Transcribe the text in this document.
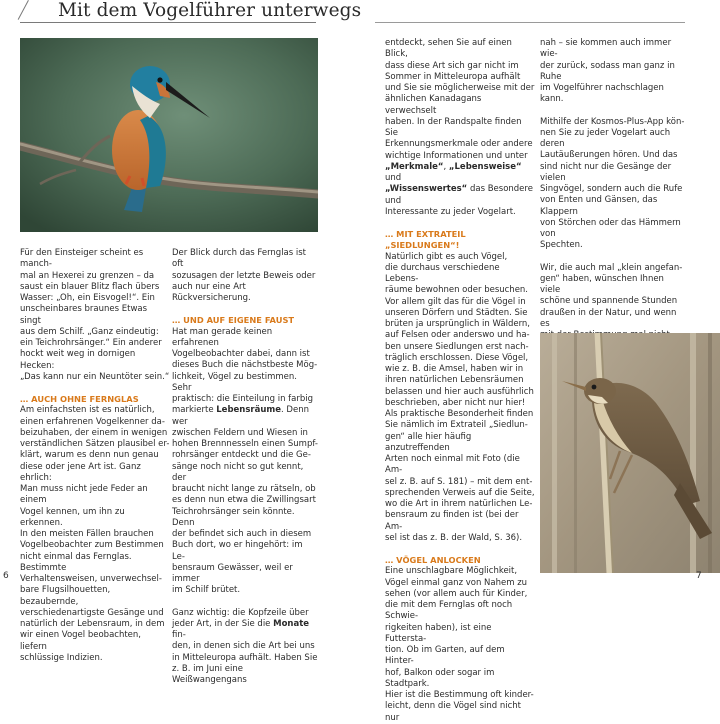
Mit dem Vogelführer unterwegs

Für den Einsteiger scheint es manch-

mal an Hexerei zu grenzen – da

saust ein blauer Blitz flach übers

Wasser: „Oh, ein Eisvogel!“. Ein

unscheinbares braunes Etwas singt

aus dem Schilf. „Ganz eindeutig:

ein Teichrohrsänger.“ Ein anderer

hockt weit weg in dornigen Hecken:

„Das kann nur ein Neuntöter sein.“

… AUCH OHNE FERNGLAS

Am einfachsten ist es natürlich,

einen erfahrenen Vogelkenner da-

beizuhaben, der einem in wenigen

verständlichen Sätzen plausibel er-

klärt, warum es denn nun genau

diese oder jene Art ist. Ganz ehrlich:

Man muss nicht jede Feder an einem

Vogel kennen, um ihn zu erkennen.

In den meisten Fällen brauchen

Vogelbeobachter zum Bestimmen

nicht einmal das Fernglas. Bestimmte

Verhaltensweisen, unverwechsel-

bare Flugsilhouetten, bezaubernde,

verschiedenartigste Gesänge und

natürlich der Lebensraum, in dem

wir einen Vogel beobachten, liefern

schlüssige Indizien.

Der Blick durch das Fernglas ist oft

sozusagen der letzte Beweis oder

auch nur eine Art Rückversicherung.

… UND AUF EIGENE FAUST

Hat man gerade keinen erfahrenen

Vogelbeobachter dabei, dann ist

dieses Buch die nächstbeste Mög-

lichkeit, Vögel zu bestimmen. Sehr

praktisch: die Einteilung in farbig

markierte Lebensräume. Denn wer

zwischen Feldern und Wiesen in

hohen Brennnesseln einen Sumpf-

rohrsänger entdeckt und die Ge-

sänge noch nicht so gut kennt, der

braucht nicht lange zu rätseln, ob

es denn nun etwa die Zwillingsart

Teichrohrsänger sein könnte. Denn

der befindet sich auch in diesem

Buch dort, wo er hingehört: im Le-

bensraum Gewässer, weil er immer

im Schilf brütet.

Ganz wichtig: die Kopfzeile über

jeder Art, in der Sie die Monate fin-

den, in denen sich die Art bei uns

in Mitteleuropa aufhält. Haben Sie

z. B. im Juni eine Weißwangengans

entdeckt, sehen Sie auf einen Blick,

dass diese Art sich gar nicht im

Sommer in Mitteleuropa aufhält

und Sie sie möglicherweise mit der

ähnlichen Kanadagans verwechselt

haben. In der Randspalte finden Sie

Erkennungsmerkmale oder andere

wichtige Informationen und unter

„Merkmale“, „Lebensweise“ und

„Wissenswertes“ das Besondere und

Interessante zu jeder Vogelart.

… MIT EXTRATEIL „SIEDLUNGEN“!

Natürlich gibt es auch Vögel,

die durchaus verschiedene Lebens-

räume bewohnen oder besuchen.

Vor allem gilt das für die Vögel in

unseren Dörfern und Städten. Sie

brüten ja ursprünglich in Wäldern,

auf Felsen oder anderswo und ha-

ben unsere Siedlungen erst nach-

träglich erschlossen. Diese Vögel,

wie z. B. die Amsel, haben wir in

ihren natürlichen Lebensräumen

belassen und hier auch ausführlich

beschrieben, aber nicht nur hier!

Als praktische Besonderheit finden

Sie nämlich im Extrateil „Siedlun-

gen“ alle hier häufig anzutreffenden

Arten noch einmal mit Foto (die Am-

sel z. B. auf S. 181) – mit dem ent-

sprechenden Verweis auf die Seite,

wo die Art in ihrem natürlichen Le-

bensraum zu finden ist (bei der Am-

sel ist das z. B. der Wald, S. 36).

… VÖGEL ANLOCKEN

Eine unschlagbare Möglichkeit,

Vögel einmal ganz von Nahem zu

sehen (vor allem auch für Kinder,

die mit dem Fernglas oft noch Schwie-

rigkeiten haben), ist eine Futtersta-

tion. Ob im Garten, auf dem Hinter-

hof, Balkon oder sogar im Stadtpark.

Hier ist die Bestimmung oft kinder-

leicht, denn die Vögel sind nicht nur

nah – sie kommen auch immer wie-

der zurück, sodass man ganz in Ruhe

im Vogelführer nachschlagen kann.

Mithilfe der Kosmos-Plus-App kön-

nen Sie zu jeder Vogelart auch deren

Lautäußerungen hören. Und das

sind nicht nur die Gesänge der vielen

Singvögel, sondern auch die Rufe

von Enten und Gänsen, das Klappern

von Störchen oder das Hämmern von

Spechten.

Wir, die auch mal „klein angefan-

gen“ haben, wünschen Ihnen viele

schöne und spannende Stunden

draußen in der Natur, und wenn es

6	7
